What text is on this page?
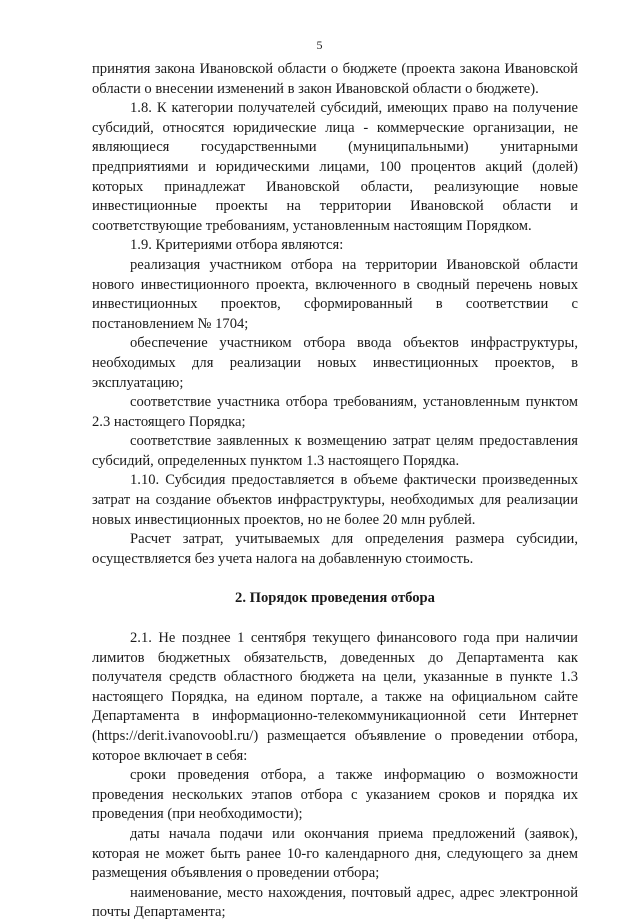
5

принятия закона Ивановской области о бюджете (проекта закона Ивановской области о внесении изменений в закон Ивановской области о бюджете).

1.8. К категории получателей субсидий, имеющих право на получение субсидий, относятся юридические лица - коммерческие организации, не являющиеся государственными (муниципальными) унитарными предприятиями и юридическими лицами, 100 процентов акций (долей) которых принадлежат Ивановской области, реализующие новые инвестиционные проекты на территории Ивановской области и соответствующие требованиям, установленным настоящим Порядком.

1.9. Критериями отбора являются:

реализация участником отбора на территории Ивановской области нового инвестиционного проекта, включенного в сводный перечень новых инвестиционных проектов, сформированный в соответствии с постановлением № 1704;

обеспечение участником отбора ввода объектов инфраструктуры, необходимых для реализации новых инвестиционных проектов, в эксплуатацию;

соответствие участника отбора требованиям, установленным пунктом 2.3 настоящего Порядка;

соответствие заявленных к возмещению затрат целям предоставления субсидий, определенных пунктом 1.3 настоящего Порядка.

1.10. Субсидия предоставляется в объеме фактически произведенных затрат на создание объектов инфраструктуры, необходимых для реализации новых инвестиционных проектов, но не более 20 млн рублей.

Расчет затрат, учитываемых для определения размера субсидии, осуществляется без учета налога на добавленную стоимость.

2. Порядок проведения отбора

2.1. Не позднее 1 сентября текущего финансового года при наличии лимитов бюджетных обязательств, доведенных до Департамента как получателя средств областного бюджета на цели, указанные в пункте 1.3 настоящего Порядка, на едином портале, а также на официальном сайте Департамента в информационно-телекоммуникационной сети Интернет (https://derit.ivanovoobl.ru/) размещается объявление о проведении отбора, которое включает в себя:

сроки проведения отбора, а также информацию о возможности проведения нескольких этапов отбора с указанием сроков и порядка их проведения (при необходимости);

даты начала подачи или окончания приема предложений (заявок), которая не может быть ранее 10-го календарного дня, следующего за днем размещения объявления о проведении отбора;

наименование, место нахождения, почтовый адрес, адрес электронной почты Департамента;
